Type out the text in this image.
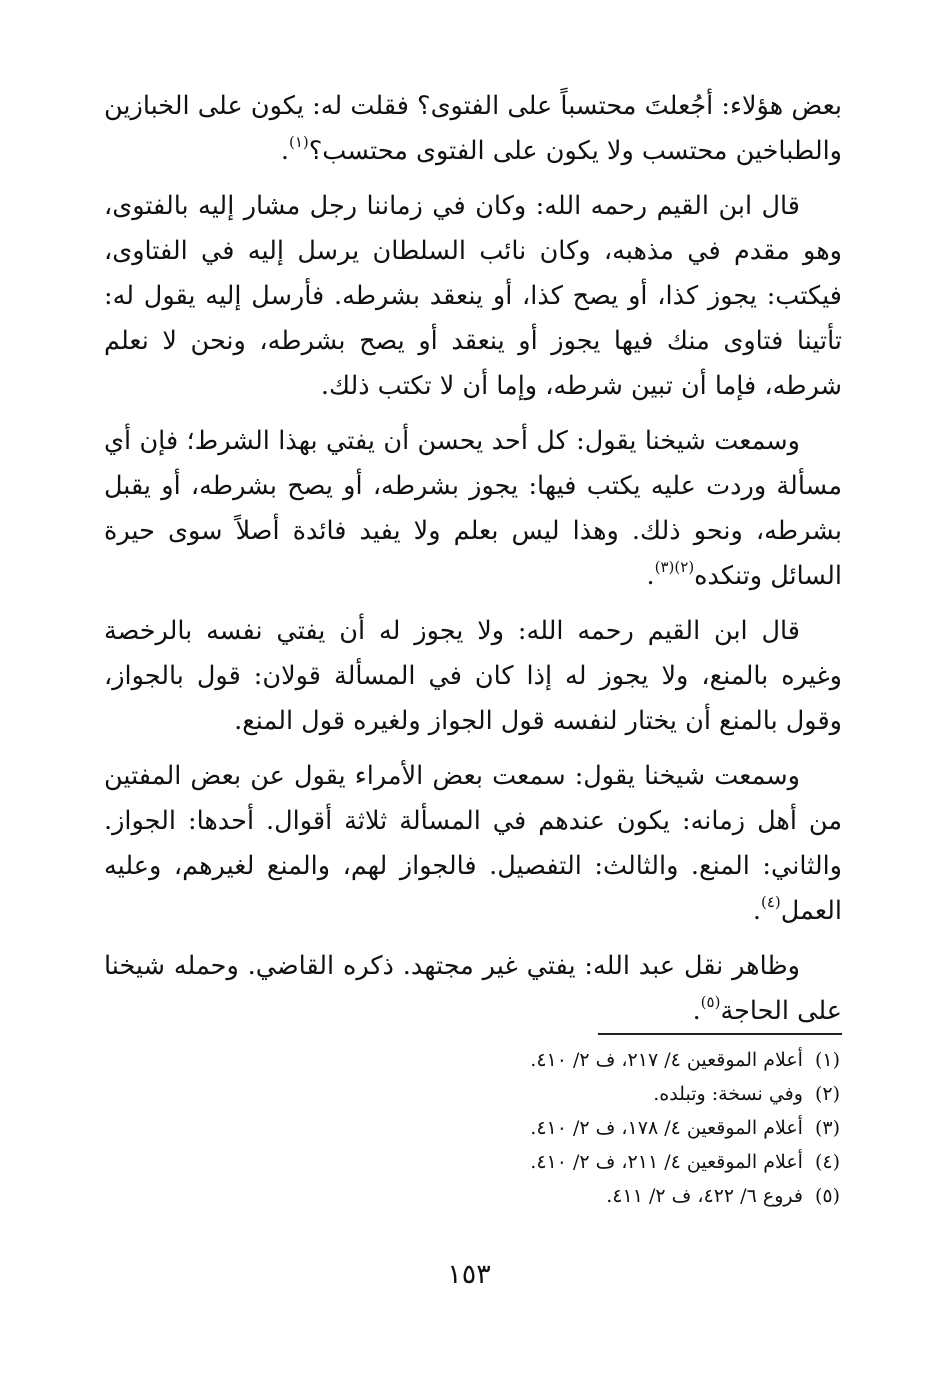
بعض هؤلاء: أجُعلتَ محتسباً على الفتوى؟ فقلت له: يكون على الخبازين والطباخين محتسب ولا يكون على الفتوى محتسب؟$^{(١)}$.

قال ابن القيم رحمه الله: وكان في زماننا رجل مشار إليه بالفتوى، وهو مقدم في مذهبه، وكان نائب السلطان يرسل إليه في الفتاوى، فيكتب: يجوز كذا، أو يصح كذا، أو ينعقد بشرطه. فأرسل إليه يقول له: تأتينا فتاوى منك فيها يجوز أو ينعقد أو يصح بشرطه، ونحن لا نعلم شرطه، فإما أن تبين شرطه، وإما أن لا تكتب ذلك.

وسمعت شيخنا يقول: كل أحد يحسن أن يفتي بهذا الشرط؛ فإن أي مسألة وردت عليه يكتب فيها: يجوز بشرطه، أو يصح بشرطه، أو يقبل بشرطه، ونحو ذلك. وهذا ليس بعلم ولا يفيد فائدة أصلاً سوى حيرة السائل وتنكده$^{(٢)(٣)}$.

قال ابن القيم رحمه الله: ولا يجوز له أن يفتي نفسه بالرخصة وغيره بالمنع، ولا يجوز له إذا كان في المسألة قولان: قول بالجواز، وقول بالمنع أن يختار لنفسه قول الجواز ولغيره قول المنع.

وسمعت شيخنا يقول: سمعت بعض الأمراء يقول عن بعض المفتين من أهل زمانه: يكون عندهم في المسألة ثلاثة أقوال. أحدها: الجواز. والثاني: المنع. والثالث: التفصيل. فالجواز لهم، والمنع لغيرهم، وعليه العمل$^{(٤)}$.

وظاهر نقل عبد الله: يفتي غير مجتهد. ذكره القاضي. وحمله شيخنا على الحاجة$^{(٥)}$.

(١)أعلام الموقعين ٤/ ٢١٧، ف ٢/ ٤١٠.
(٢)وفي نسخة: وتبلده.
(٣)أعلام الموقعين ٤/ ١٧٨، ف ٢/ ٤١٠.
(٤)أعلام الموقعين ٤/ ٢١١، ف ٢/ ٤١٠.
(٥)فروع ٦/ ٤٢٢، ف ٢/ ٤١١.
١٥٣
